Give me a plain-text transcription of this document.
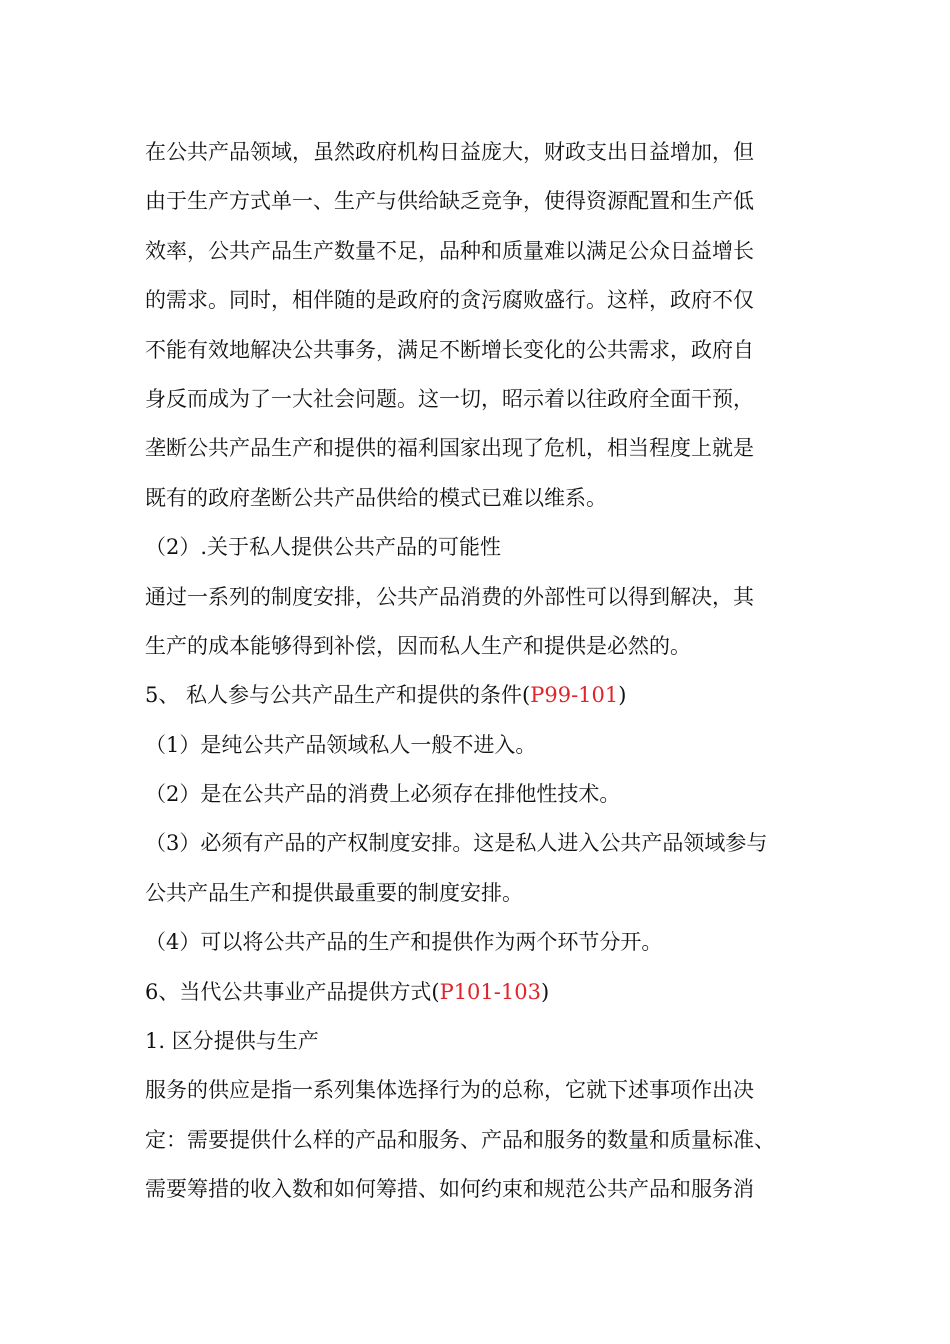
在公共产品领域，虽然政府机构日益庞大，财政支出日益增加，但
由于生产方式单一、生产与供给缺乏竞争，使得资源配置和生产低
效率，公共产品生产数量不足，品种和质量难以满足公众日益增长
的需求。同时，相伴随的是政府的贪污腐败盛行。这样，政府不仅
不能有效地解决公共事务，满足不断增长变化的公共需求，政府自
身反而成为了一大社会问题。这一切，昭示着以往政府全面干预，
垄断公共产品生产和提供的福利国家出现了危机，相当程度上就是
既有的政府垄断公共产品供给的模式已难以维系。
（2）.关于私人提供公共产品的可能性
通过一系列的制度安排，公共产品消费的外部性可以得到解决，其
生产的成本能够得到补偿，因而私人生产和提供是必然的。
5、 私人参与公共产品生产和提供的条件(P99-101)
（1）是纯公共产品领域私人一般不进入。
（2）是在公共产品的消费上必须存在排他性技术。
（3）必须有产品的产权制度安排。这是私人进入公共产品领域参与
公共产品生产和提供最重要的制度安排。
（4）可以将公共产品的生产和提供作为两个环节分开。
6、当代公共事业产品提供方式(P101-103)
1. 区分提供与生产
服务的供应是指一系列集体选择行为的总称，它就下述事项作出决
定：需要提供什么样的产品和服务、产品和服务的数量和质量标准、
需要筹措的收入数和如何筹措、如何约束和规范公共产品和服务消
